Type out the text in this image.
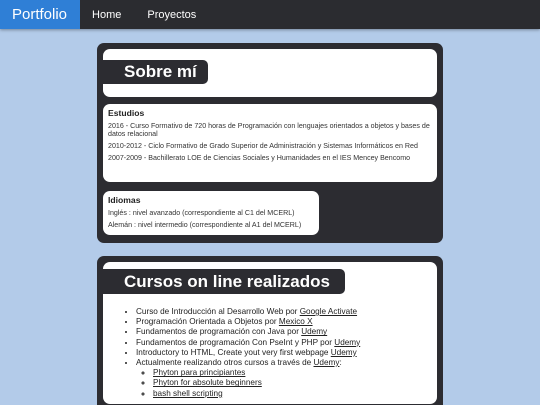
Portfolio	Home	Proyectos
Sobre mí
Estudios

2016 - Curso Formativo de 720 horas de Programación con lenguajes orientados a objetos y bases de datos relacional

2010-2012 - Ciclo Formativo de Grado Superior de Administración y Sistemas Informáticos en Red

2007-2009 - Bachillerato LOE de Ciencias Sociales y Humanidades en el IES Mencey Bencomo

Idiomas

Inglés : nivel avanzado (correspondiente al C1 del MCERL)

Alemán : nivel intermedio (correspondiente al A1 del MCERL)

Cursos on line realizados
• Curso de Introducción al Desarrollo Web por Google Activate
• Programación Orientada a Objetos por Mexico X
• Fundamentos de programación con Java por Udemy
• Fundamentos de programación Con PseInt y PHP por Udemy
• Introductory to HTML, Create yout very first webpage Udemy
• Actualmente realizando otros cursos a través de Udemy:
◦ Phyton para principiantes
◦ Phyton for absolute beginners
◦ bash shell scripting
